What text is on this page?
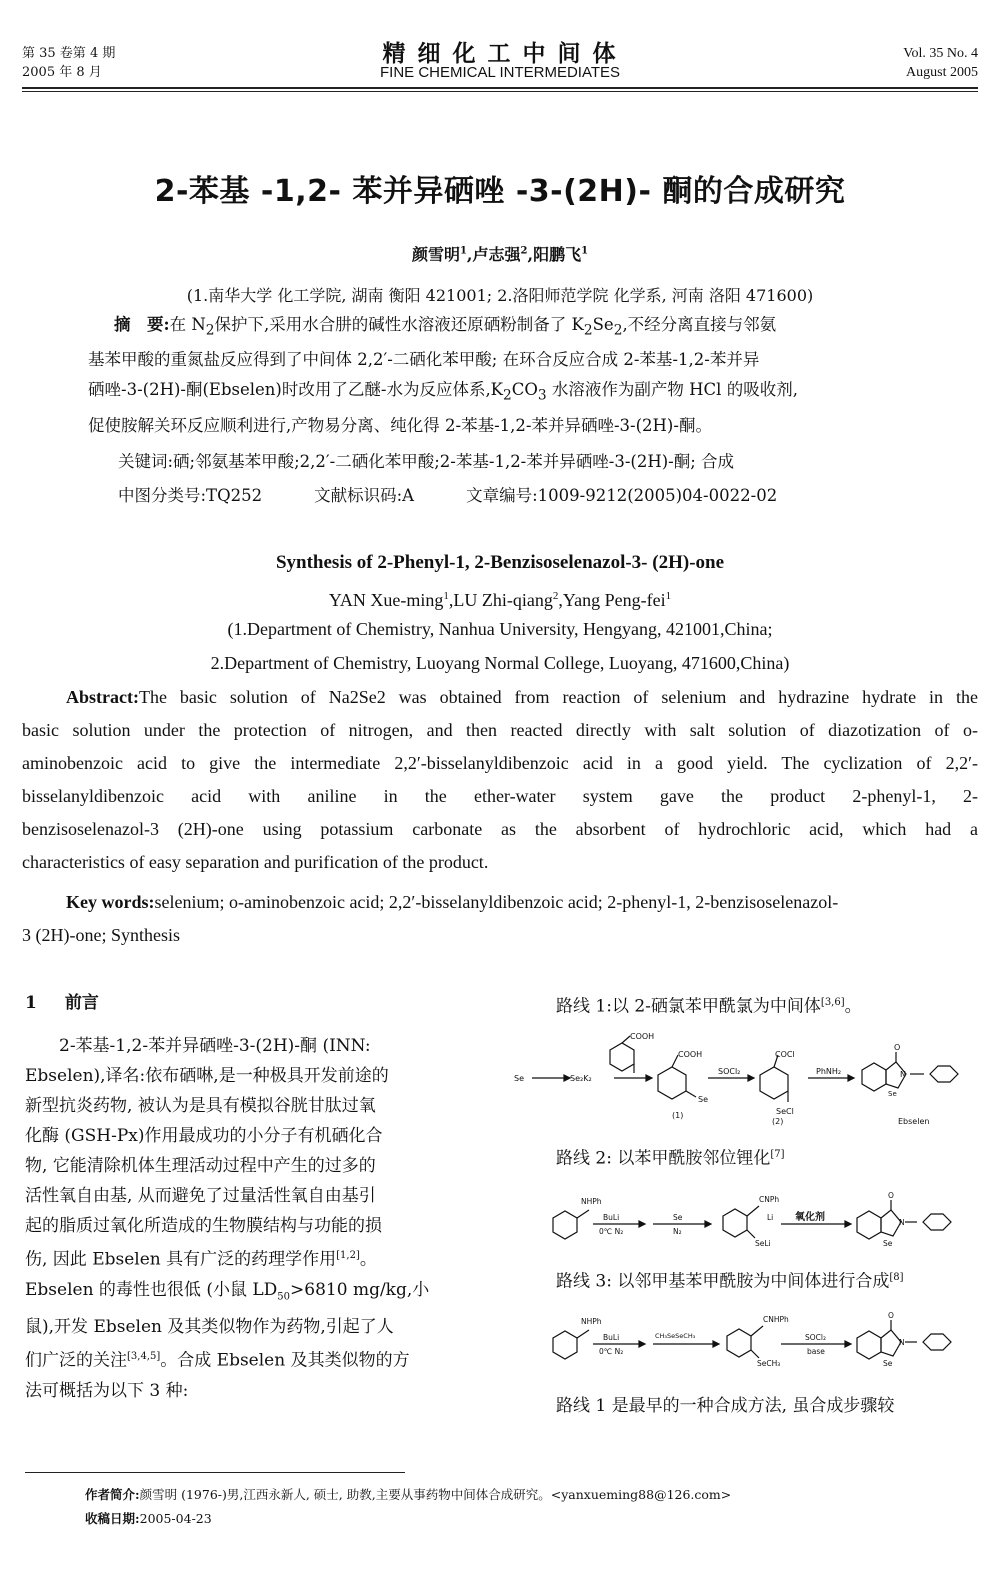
第 35 卷第 4 期
2005 年 8 月
精 细 化 工 中 间 体
FINE CHEMICAL INTERMEDIATES
Vol. 35 No. 4
August 2005
2-苯基 -1,2- 苯并异硒唑 -3-(2H)- 酮的合成研究
颜雪明$^1$,卢志强$^2$,阳鹏飞$^1$
(1.南华大学 化工学院, 湖南 衡阳 421001; 2.洛阳师范学院 化学系, 河南 洛阳 471600)
摘　要:在 $N_2$保护下,采用水合肼的碱性水溶液还原硒粉制备了 $K_2Se_2$,不经分离直接与邻氨
基苯甲酸的重氮盐反应得到了中间体 2,2′-二硒化苯甲酸; 在环合反应合成 2-苯基-1,2-苯并异
硒唑-3-(2H)-酮(Ebselen)时改用了乙醚-水为反应体系$,K_2CO_3$ 水溶液作为副产物 HCl 的吸收剂,
促使胺解关环反应顺利进行,产物易分离、纯化得 2-苯基-1,2-苯并异硒唑-3-(2H)-酮。
关键词:硒;邻氨基苯甲酸;2,2′-二硒化苯甲酸;2-苯基-1,2-苯并异硒唑-3-(2H)-酮; 合成
中图分类号:TQ252	文献标识码:A	文章编号:1009-9212(2005)04-0022-02
Synthesis of 2-Phenyl-1, 2-Benzisoselenazol-3- (2H)-one
YAN Xue-ming$^1$,LU Zhi-qiang$^2$,Yang Peng-fei$^1$
(1.Department of Chemistry, Nanhua University, Hengyang, 421001,China;
2.Department of Chemistry, Luoyang Normal College, Luoyang, 471600,China)
Abstract:The basic solution of Na2Se2 was obtained from reaction of selenium and hydrazine hydrate in the
basic solution under the protection of nitrogen, and then reacted directly with salt solution of diazotization of o-
aminobenzoic acid to give the intermediate 2,2′-bisselanyldibenzoic acid in a good yield. The cyclization of 2,2′-
bisselanyldibenzoic acid with aniline in the ether-water system gave the product 2-phenyl-1, 2-
benzisoselenazol-3 (2H)-one using potassium carbonate as the absorbent of hydrochloric acid, which had a
characteristics of easy separation and purification of the product.
Key words:selenium; o-aminobenzoic acid; 2,2′-bisselanyldibenzoic acid; 2-phenyl-1, 2-benzisoselenazol-
3 (2H)-one; Synthesis
1 前言
2-苯基-1,2-苯并异硒唑-3-(2H)-酮 (INN:
Ebselen),译名:依布硒啉,是一种极具开发前途的
新型抗炎药物, 被认为是具有模拟谷胱甘肽过氧
化酶 (GSH-Px)作用最成功的小分子有机硒化合
物, 它能清除机体生理活动过程中产生的过多的
活性氧自由基, 从而避免了过量活性氧自由基引
起的脂质过氧化所造成的生物膜结构与功能的损
伤, 因此 Ebselen 具有广泛的药理学作用[1,2]。
Ebselen 的毒性也很低 (小鼠 $LD_{50}>6810$ mg/kg,小
鼠),开发 Ebselen 及其类似物作为药物,引起了人
们广泛的关注[3,4,5]。合成 Ebselen 及其类似物的方
法可概括为以下 3 种:
路线 1:以 2-硒氯苯甲酰氯为中间体[3,6]。
Se	Se₂K₂
COOH
COOH	COCl
SOCl₂	PhNH₂
Se
SeCl
(1)
(2)
O
N
Se
Ebselen
路线 2: 以苯甲酰胺邻位锂化[7]
NHPh
BuLi
0℃ N₂
Se
N₂
CNPh
Li
SeLi
氧化剂
O
N
Se
路线 3: 以邻甲基苯甲酰胺为中间体进行合成[8]
NHPh
BuLi
0℃ N₂
CH₃SeSeCH₃
CNHPh
SeCH₃
SOCl₂
base
O
N
Se
路线 1 是最早的一种合成方法, 虽合成步骤较
作者简介:颜雪明 (1976-)男,江西永新人, 硕士, 助教,主要从事药物中间体合成研究。<yanxueming88@126.com>
收稿日期:2005-04-23
